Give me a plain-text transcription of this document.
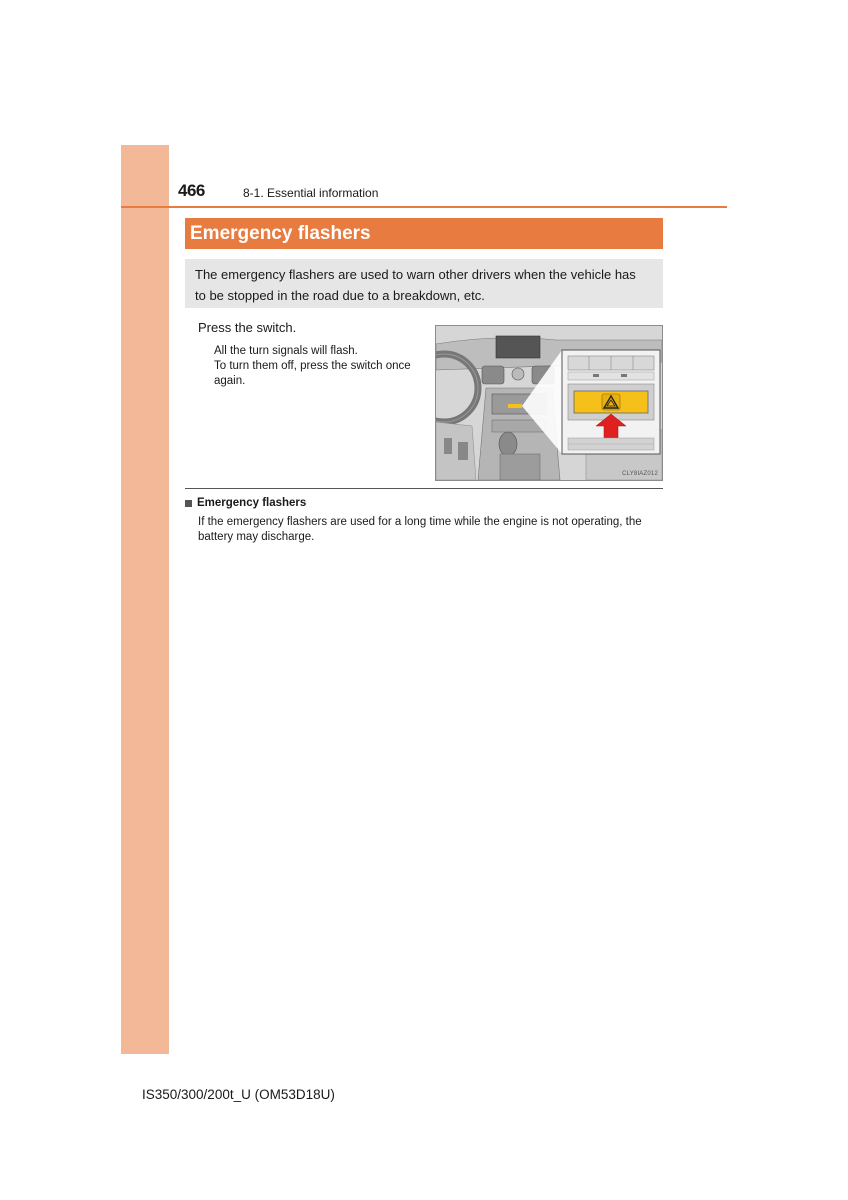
466	8-1. Essential information
Emergency flashers
The emergency flashers are used to warn other drivers when the vehicle has
to be stopped in the road due to a breakdown, etc.
Press the switch.
All the turn signals will flash.
To turn them off, press the switch once
again.
CLY8IAZ012
Emergency flashers
If the emergency flashers are used for a long time while the engine is not operating, the battery may discharge.
IS350/300/200t_U (OM53D18U)
